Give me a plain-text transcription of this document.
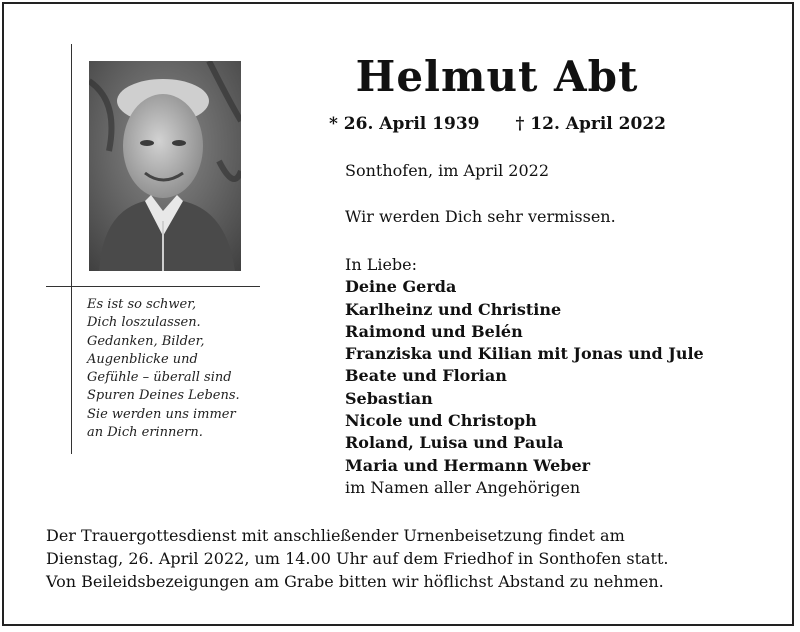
Es ist so schwer,
Dich loszulassen.
Gedanken, Bilder,
Augenblicke und
Gefühle – überall sind
Spuren Deines Lebens.
Sie werden uns immer
an Dich erinnern.
Helmut Abt
* 26. April 1939 † 12. April 2022
Sonthofen, im April 2022
Wir werden Dich sehr vermissen.
In Liebe:
Deine Gerda
Karlheinz und Christine
Raimond und Belén
Franziska und Kilian mit Jonas und Jule
Beate und Florian
Sebastian
Nicole und Christoph
Roland, Luisa und Paula
Maria und Hermann Weber
im Namen aller Angehörigen
Der Trauergottesdienst mit anschließender Urnenbeisetzung findet am
Dienstag, 26. April 2022, um 14.00 Uhr auf dem Friedhof in Sonthofen statt.
Von Beileidsbezeigungen am Grabe bitten wir höflichst Abstand zu nehmen.
